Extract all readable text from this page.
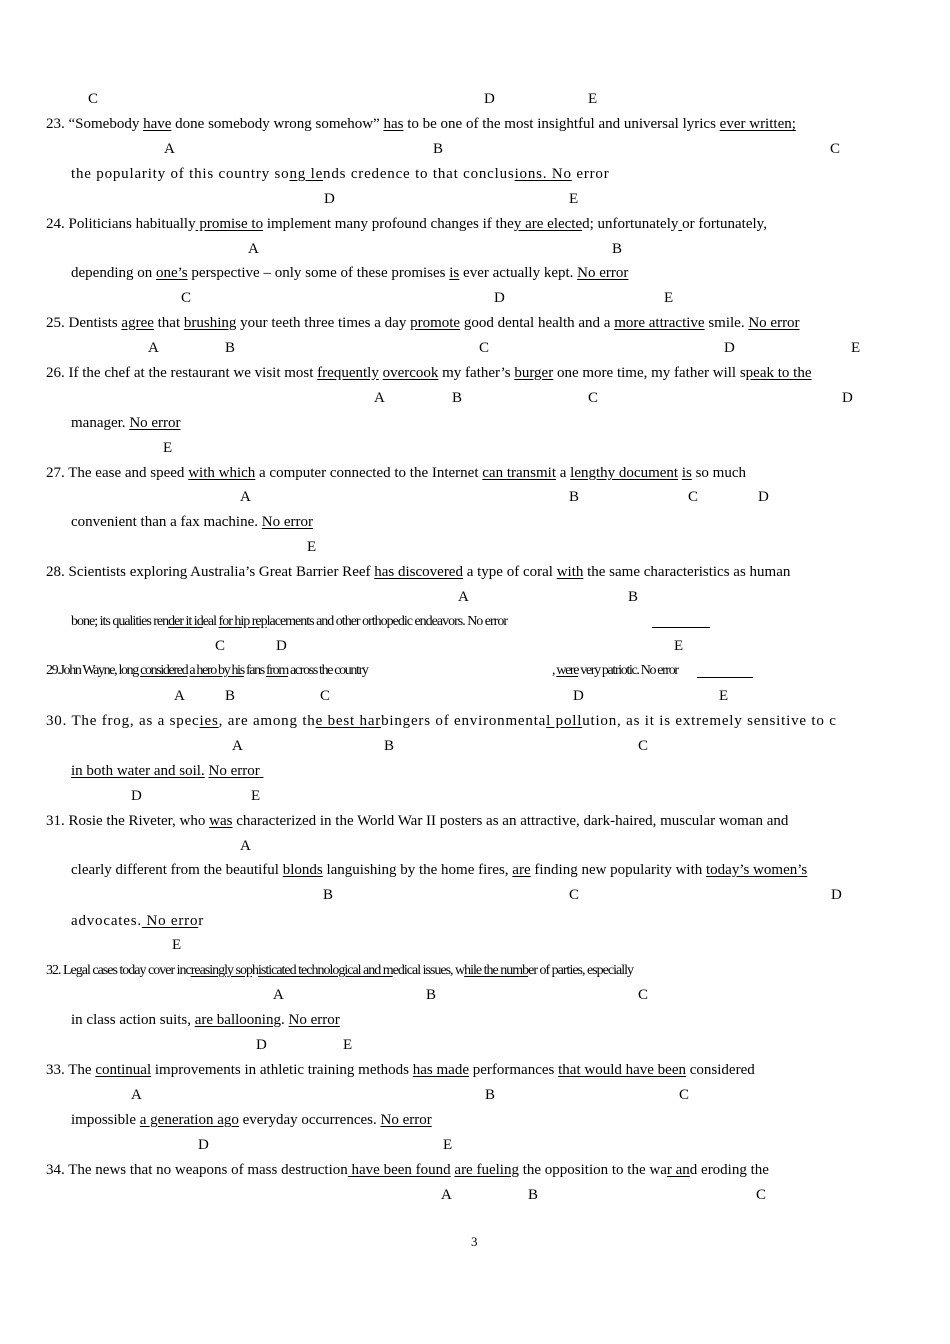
C	D	E
23. “Somebody have done somebody wrong somehow” has to be one of the most insightful and universal lyrics ever written;
A	B	C
the popularity of this country song lends credence to that conclusions. No error
D	E
24. Politicians habitually promise to implement many profound changes if they are elected; unfortunately or fortunately,
A	B
depending on one’s perspective – only some of these promises is ever actually kept. No error
C	D	E
25. Dentists agree that brushing your teeth three times a day promote good dental health and a more attractive smile. No error
A	B	C	D	E
26. If the chef at the restaurant we visit most frequently overcook my father’s burger one more time, my father will speak to the
A	B	C	D
manager. No error
E
27. The ease and speed with which a computer connected to the Internet can transmit a lengthy document is so much
A	B	C	D
convenient than a fax machine. No error
E
28. Scientists exploring Australia’s Great Barrier Reef has discovered a type of coral with the same characteristics as human
A	B
bone; its qualities render it ideal for hip replacements and other orthopedic endeavors. No error
C	D	E
29.John Wayne, long considered a hero by his fans from across the country	, were very patriotic. No error
A	B	C	D	E
30. The frog, as a species, are among the best harbingers of environmental pollution, as it is extremely sensitive to c
A	B	C
in both water and soil. No error
D	E
31. Rosie the Riveter, who was characterized in the World War II posters as an attractive, dark-haired, muscular woman and
A
clearly different from the beautiful blonds languishing by the home fires, are finding new popularity with today’s women’s
B	C	D
advocates. No error
E
32. Legal cases today cover increasingly sophisticated technological and medical issues, while the number of parties, especially
A	B	C
in class action suits, are ballooning. No error
D	E
33. The continual improvements in athletic training methods has made performances that would have been considered
A	B	C
impossible a generation ago everyday occurrences. No error
D	E
34. The news that no weapons of mass destruction have been found are fueling the opposition to the war and eroding the
A	B	C
3
